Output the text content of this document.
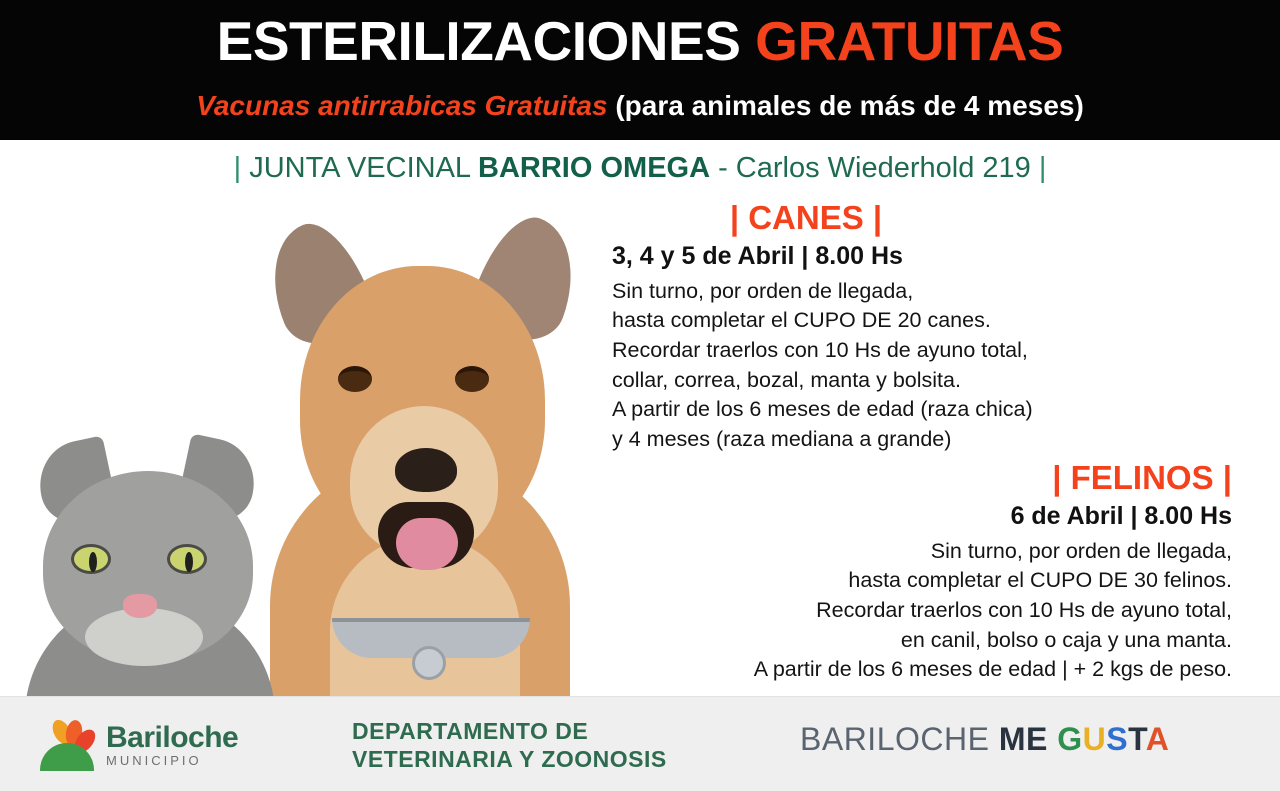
ESTERILIZACIONES GRATUITAS
Vacunas antirrabicas Gratuitas (para animales de más de 4 meses)
| JUNTA VECINAL BARRIO OMEGA - Carlos Wiederhold 219 |
| CANES |
3, 4 y 5 de Abril | 8.00 Hs
Sin turno, por orden de llegada,
hasta completar el CUPO DE 20 canes.
Recordar traerlos con 10 Hs de ayuno total,
collar, correa, bozal, manta y bolsita.
A partir de los 6 meses de edad (raza chica)
y 4 meses (raza mediana a grande)
| FELINOS |
6 de Abril | 8.00 Hs
Sin turno, por orden de llegada,
hasta completar el CUPO DE 30 felinos.
Recordar traerlos con 10 Hs de ayuno total,
en canil, bolso o caja y una manta.
A partir de los 6 meses de edad | + 2 kgs de peso.
Bariloche
MUNICIPIO
DEPARTAMENTO DE
VETERINARIA Y ZOONOSIS
BARILOCHE ME GUSTA
